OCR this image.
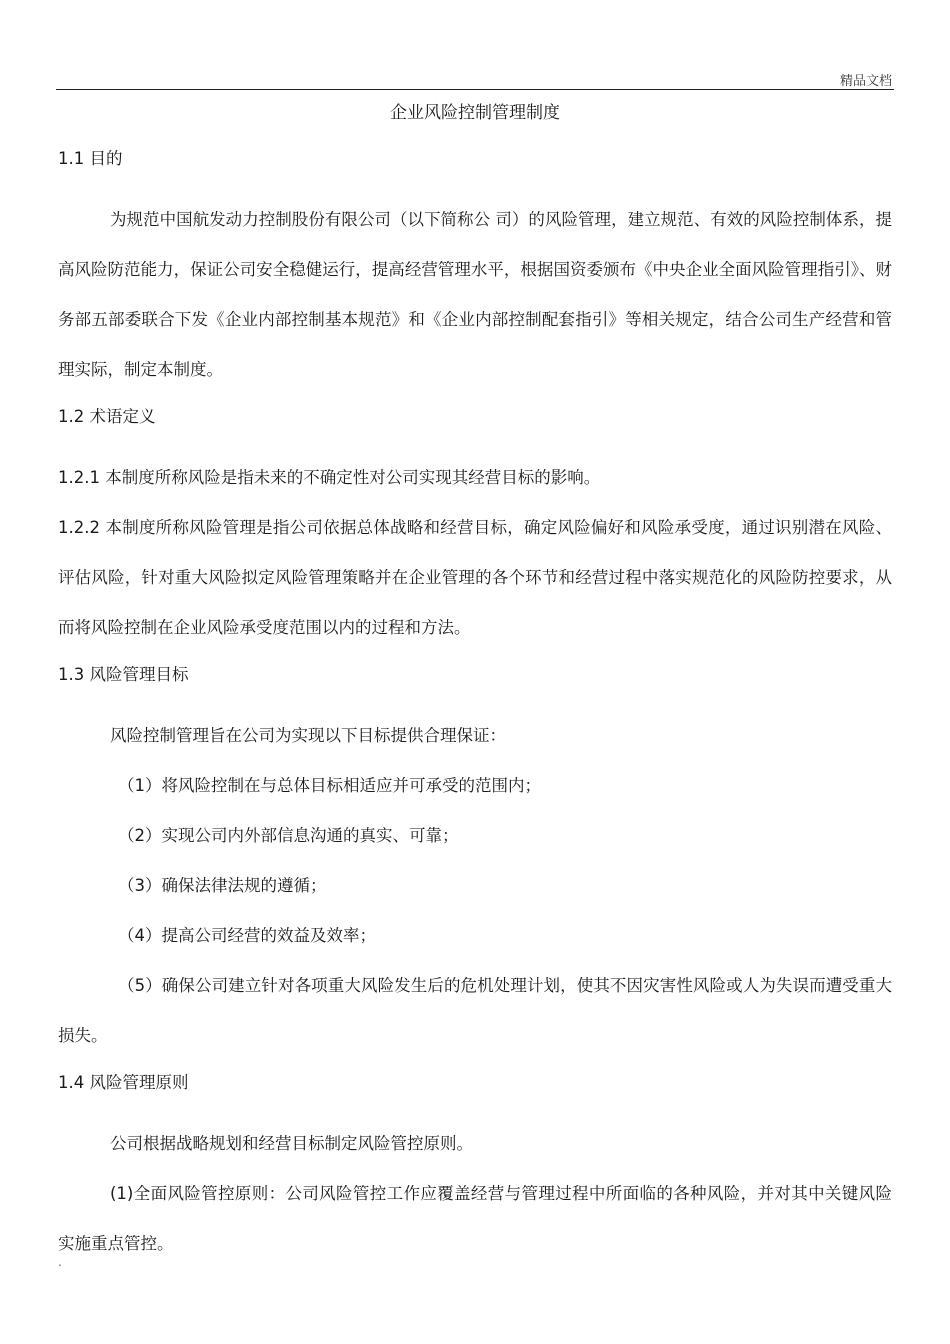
精品文档
企业风险控制管理制度

1.1 目的

为规范中国航发动力控制股份有限公司（以下简称公 司）的风险管理，建立规范、有效的风险控制体系，提高风险防范能力，保证公司安全稳健运行，提高经营管理水平，根据国资委颁布《中央企业全面风险管理指引》、财务部五部委联合下发《企业内部控制基本规范》和《企业内部控制配套指引》等相关规定，结合公司生产经营和管理实际，制定本制度。

1.2 术语定义

1.2.1 本制度所称风险是指未来的不确定性对公司实现其经营目标的影响。

1.2.2 本制度所称风险管理是指公司依据总体战略和经营目标，确定风险偏好和风险承受度，通过识别潜在风险、评估风险，针对重大风险拟定风险管理策略并在企业管理的各个环节和经营过程中落实规范化的风险防控要求，从而将风险控制在企业风险承受度范围以内的过程和方法。

1.3 风险管理目标

风险控制管理旨在公司为实现以下目标提供合理保证：

（1）将风险控制在与总体目标相适应并可承受的范围内；

（2）实现公司内外部信息沟通的真实、可靠；

（3）确保法律法规的遵循；

（4）提高公司经营的效益及效率；

（5）确保公司建立针对各项重大风险发生后的危机处理计划，使其不因灾害性风险或人为失误而遭受重大损失。

1.4 风险管理原则

公司根据战略规划和经营目标制定风险管控原则。

(1)全面风险管控原则：公司风险管控工作应覆盖经营与管理过程中所面临的各种风险，并对其中关键风险实施重点管控。

.
